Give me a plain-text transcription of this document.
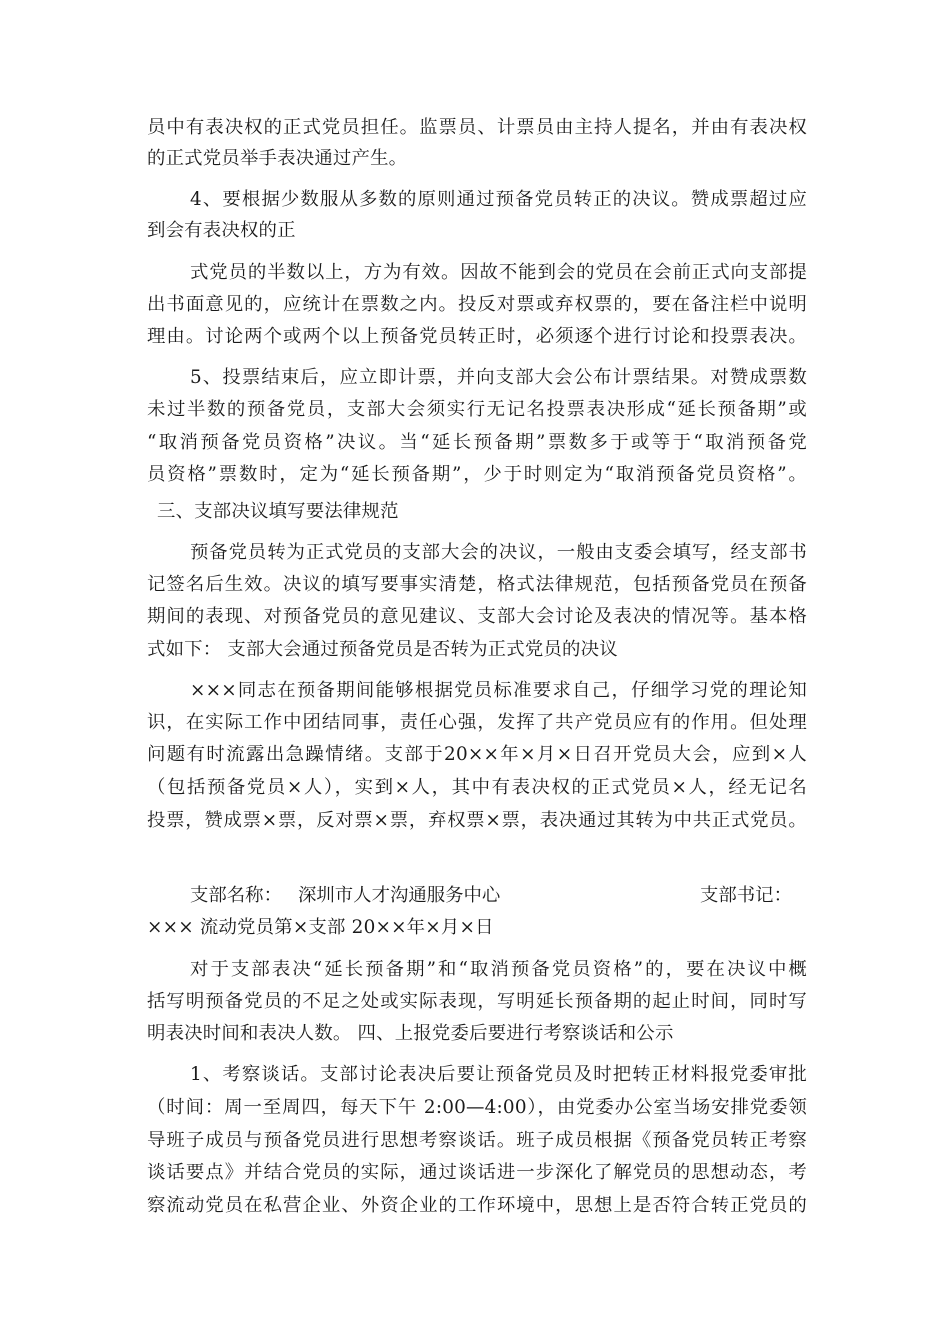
员中有表决权的正式党员担任。监票员、计票员由主持人提名，并由有表决权
的正式党员举手表决通过产生。
4、要根据少数服从多数的原则通过预备党员转正的决议。赞成票超过应
到会有表决权的正
式党员的半数以上，方为有效。因故不能到会的党员在会前正式向支部提
出书面意见的，应统计在票数之内。投反对票或弃权票的，要在备注栏中说明
理由。讨论两个或两个以上预备党员转正时，必须逐个进行讨论和投票表决。
5、投票结束后，应立即计票，并向支部大会公布计票结果。对赞成票数
未过半数的预备党员，支部大会须实行无记名投票表决形成“延长预备期”或
“取消预备党员资格”决议。当“延长预备期”票数多于或等于“取消预备党
员资格”票数时，定为“延长预备期”，少于时则定为“取消预备党员资格”。
三、支部决议填写要法律规范
预备党员转为正式党员的支部大会的决议，一般由支委会填写，经支部书
记签名后生效。决议的填写要事实清楚，格式法律规范，包括预备党员在预备
期间的表现、对预备党员的意见建议、支部大会讨论及表决的情况等。基本格
式如下： 支部大会通过预备党员是否转为正式党员的决议
×××同志在预备期间能够根据党员标准要求自己，仔细学习党的理论知
识，在实际工作中团结同事，责任心强，发挥了共产党员应有的作用。但处理
问题有时流露出急躁情绪。支部于20××年×月×日召开党员大会，应到×人
（包括预备党员×人），实到×人，其中有表决权的正式党员×人，经无记名
投票，赞成票×票，反对票×票，弃权票×票，表决通过其转为中共正式党员。
支部名称： 深圳市人才沟通服务中心	支部书记：
××× 流动党员第×支部 20××年×月×日
对于支部表决“延长预备期”和“取消预备党员资格”的，要在决议中概
括写明预备党员的不足之处或实际表现，写明延长预备期的起止时间，同时写
明表决时间和表决人数。 四、上报党委后要进行考察谈话和公示
1、考察谈话。支部讨论表决后要让预备党员及时把转正材料报党委审批
（时间：周一至周四，每天下午 2:00—4:00），由党委办公室当场安排党委领
导班子成员与预备党员进行思想考察谈话。班子成员根据《预备党员转正考察
谈话要点》并结合党员的实际，通过谈话进一步深化了解党员的思想动态，考
察流动党员在私营企业、外资企业的工作环境中，思想上是否符合转正党员的
